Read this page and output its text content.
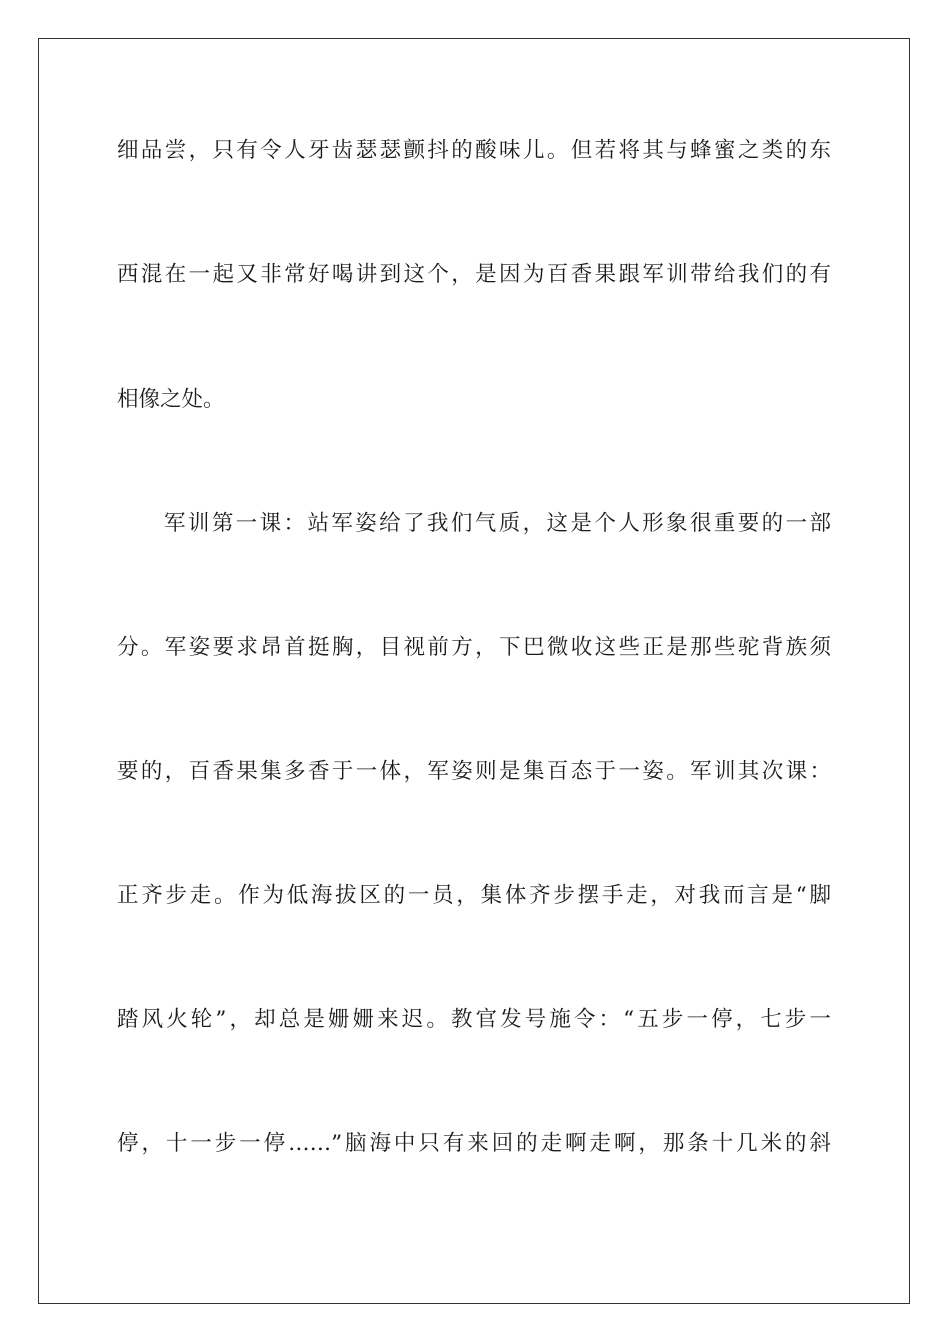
细品尝，只有令人牙齿瑟瑟颤抖的酸味儿。但若将其与蜂蜜之类的东
西混在一起又非常好喝讲到这个，是因为百香果跟军训带给我们的有
相像之处。
军训第一课：站军姿给了我们气质，这是个人形象很重要的一部
分。军姿要求昂首挺胸，目视前方，下巴微收这些正是那些驼背族须
要的，百香果集多香于一体，军姿则是集百态于一姿。军训其次课：
正齐步走。作为低海拔区的一员，集体齐步摆手走，对我而言是“脚
踏风火轮”，却总是姗姗来迟。教官发号施令：“五步一停，七步一
停，十一步一停……”脑海中只有来回的走啊走啊，那条十几米的斜
